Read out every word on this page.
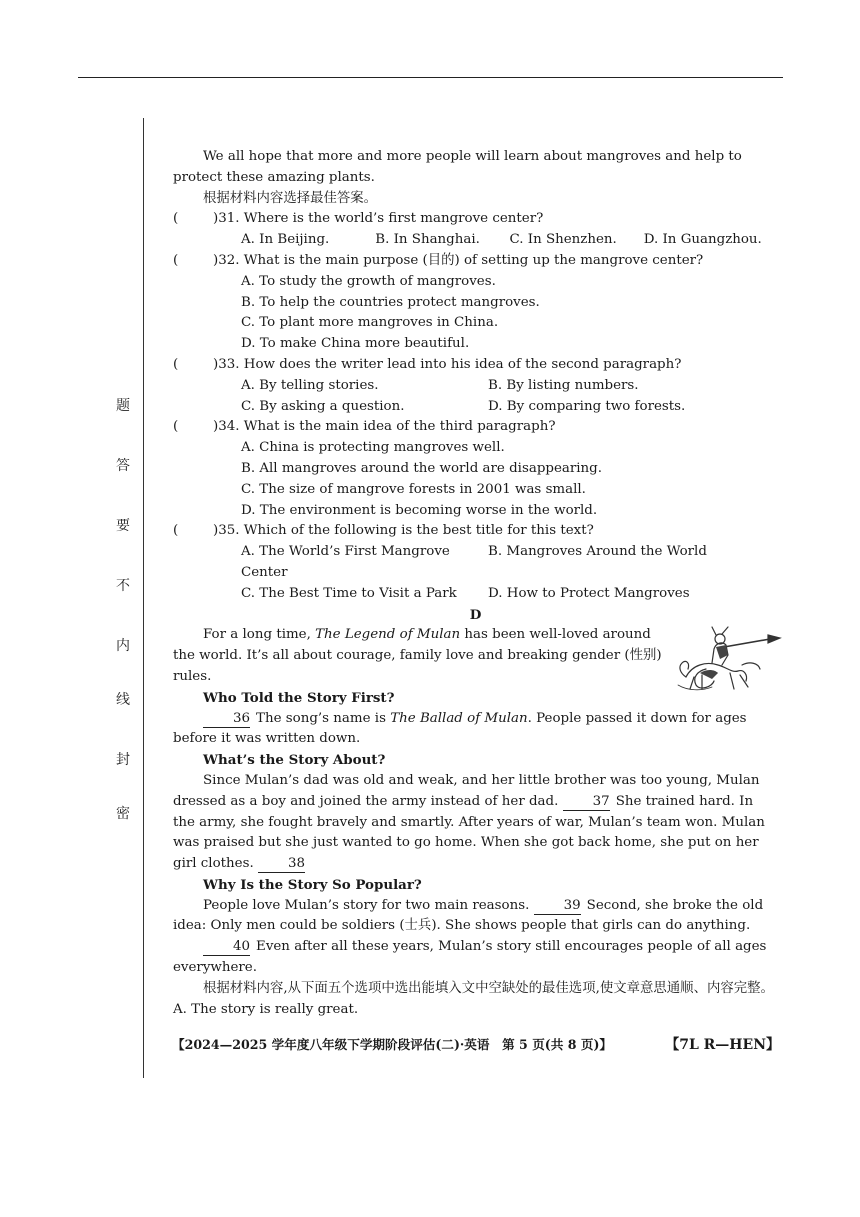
题
答
要
不
内
线
封
密

We all hope that more and more people will learn about mangroves and help to protect these amazing plants.

根据材料内容选择最佳答案。

(	)31. Where is the world’s first mangrove center?
A. In Beijing.	B. In Shanghai.	C. In Shenzhen.	D. In Guangzhou.
(	)32. What is the main purpose (目的) of setting up the mangrove center?
A. To study the growth of mangroves.
B. To help the countries protect mangroves.
C. To plant more mangroves in China.
D. To make China more beautiful.
(	)33. How does the writer lead into his idea of the second paragraph?
A. By telling stories.	B. By listing numbers.
C. By asking a question.	D. By comparing two forests.
(	)34. What is the main idea of the third paragraph?
A. China is protecting mangroves well.
B. All mangroves around the world are disappearing.
C. The size of mangrove forests in 2001 was small.
D. The environment is becoming worse in the world.
(	)35. Which of the following is the best title for this text?
A. The World’s First Mangrove Center
B. Mangroves Around the World
C. The Best Time to Visit a Park	D. How to Protect Mangroves
D

For a long time, The Legend of Mulan has been well-loved around the world. It’s all about courage, family love and breaking gender (性别) rules.

Who Told the Story First?

36 The song’s name is The Ballad of Mulan. People passed it down for ages before it was written down.

What’s the Story About?

Since Mulan’s dad was old and weak, and her little brother was too young, Mulan dressed as a boy and joined the army instead of her dad.	37 She trained hard. In the army, she fought bravely and smartly. After years of war, Mulan’s team won. Mulan was praised but she just wanted to go home. When she got back home, she put on her girl clothes.	38

Why Is the Story So Popular?

People love Mulan’s story for two main reasons.	39 Second, she broke the old idea: Only men could be soldiers (士兵). She shows people that girls can do anything.

40 Even after all these years, Mulan’s story still encourages people of all ages everywhere.

根据材料内容,从下面五个选项中选出能填入文中空缺处的最佳选项,使文章意思通顺、内容完整。

A. The story is really great.

【2024—2025 学年度八年级下学期阶段评估(二)·英语　第 5 页(共 8 页)】	【7L R—HEN】
